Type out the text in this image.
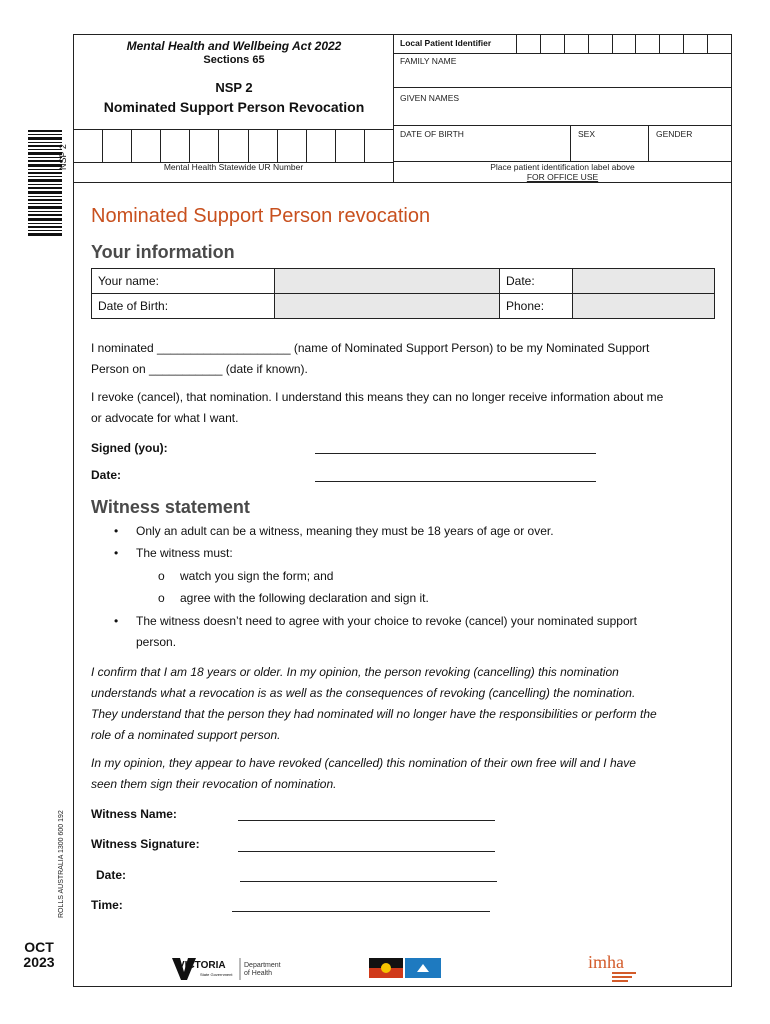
NSP 2
ROLLS AUSTRALIA 1300 600 192
OCT
2023
Mental Health and Wellbeing Act 2022
Sections 65
NSP 2
Nominated Support Person Revocation
Local Patient Identifier
FAMILY NAME
GIVEN NAMES
DATE OF BIRTH	SEX	GENDER
Mental Health Statewide UR Number	Place patient identification label above
FOR OFFICE USE
Nominated Support Person revocation
Your information
Your name:		Date:	
Date of Birth:		Phone:	
I nominated ____________________ (name of Nominated Support Person) to be my Nominated Support
Person on ___________ (date if known).
I revoke (cancel), that nomination. I understand this means they can no longer receive information about me
or advocate for what I want.
Signed (you):
Date:
Witness statement
• Only an adult can be a witness, meaning they must be 18 years of age or over.
• The witness must:
o watch you sign the form; and
o agree with the following declaration and sign it.
• The witness doesn’t need to agree with your choice to revoke (cancel) your nominated support
person.
I confirm that I am 18 years or older. In my opinion, the person revoking (cancelling) this nomination
understands what a revocation is as well as the consequences of revoking (cancelling) the nomination.
They understand that the person they had nominated will no longer have the responsibilities or perform the
role of a nominated support person.
In my opinion, they appear to have revoked (cancelled) this nomination of their own free will and I have
seen them sign their revocation of nomination.
Witness Name:
Witness Signature:
Date:
Time:
VICTORIA
State Government
Department
of Health
imha
